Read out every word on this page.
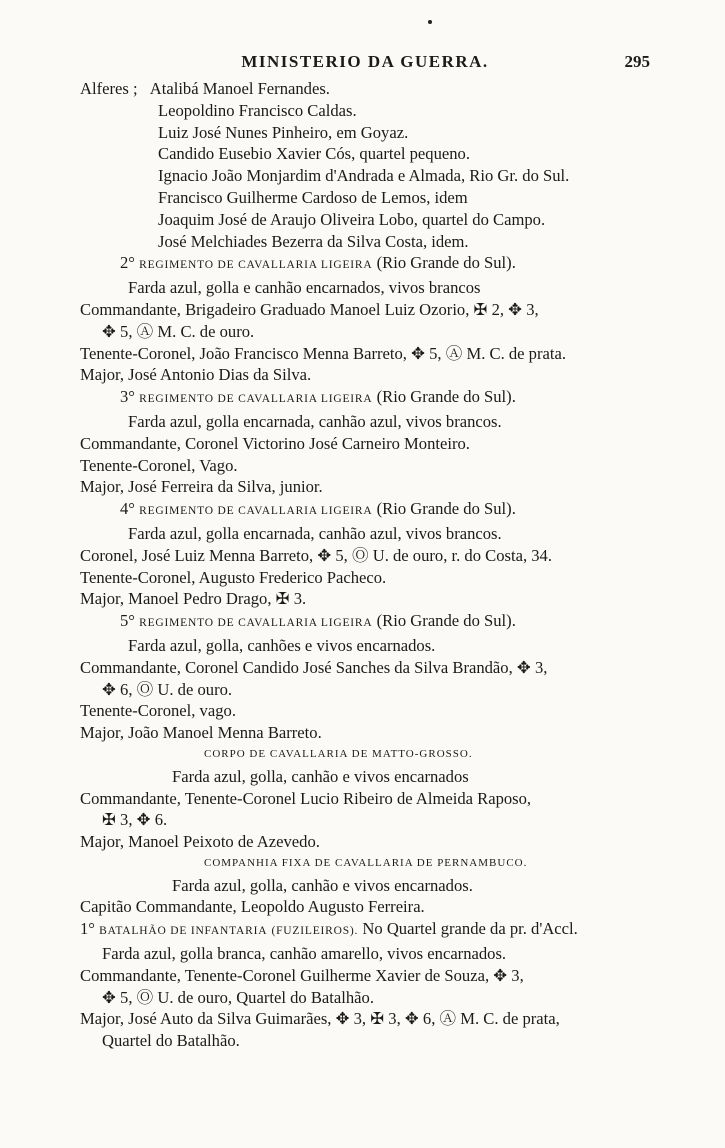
MINISTERIO DA GUERRA.	295
Alferes ; Atalibá Manoel Fernandes.
Leopoldino Francisco Caldas.
Luiz José Nunes Pinheiro, em Goyaz.
Candido Eusebio Xavier Cós, quartel pequeno.
Ignacio João Monjardim d'Andrada e Almada, Rio Gr. do Sul.
Francisco Guilherme Cardoso de Lemos, idem
Joaquim José de Araujo Oliveira Lobo, quartel do Campo.
José Melchiades Bezerra da Silva Costa, idem.
2° REGIMENTO DE CAVALLARIA LIGEIRA (Rio Grande do Sul).
Farda azul, golla e canhão encarnados, vivos brancos
Commandante, Brigadeiro Graduado Manoel Luiz Ozorio, ✠ 2, ✥ 3,
✥ 5, Ⓐ M. C. de ouro.
Tenente-Coronel, João Francisco Menna Barreto, ✥ 5, Ⓐ M. C. de prata.
Major, José Antonio Dias da Silva.
3° REGIMENTO DE CAVALLARIA LIGEIRA (Rio Grande do Sul).
Farda azul, golla encarnada, canhão azul, vivos brancos.
Commandante, Coronel Victorino José Carneiro Monteiro.
Tenente-Coronel, Vago.
Major, José Ferreira da Silva, junior.
4° REGIMENTO DE CAVALLARIA LIGEIRA (Rio Grande do Sul).
Farda azul, golla encarnada, canhão azul, vivos brancos.
Coronel, José Luiz Menna Barreto, ✥ 5, Ⓞ U. de ouro, r. do Costa, 34.
Tenente-Coronel, Augusto Frederico Pacheco.
Major, Manoel Pedro Drago, ✠ 3.
5° REGIMENTO DE CAVALLARIA LIGEIRA (Rio Grande do Sul).
Farda azul, golla, canhões e vivos encarnados.
Commandante, Coronel Candido José Sanches da Silva Brandão, ✥ 3,
✥ 6, Ⓞ U. de ouro.
Tenente-Coronel, vago.
Major, João Manoel Menna Barreto.
CORPO DE CAVALLARIA DE MATTO-GROSSO.
Farda azul, golla, canhão e vivos encarnados
Commandante, Tenente-Coronel Lucio Ribeiro de Almeida Raposo,
✠ 3, ✥ 6.
Major, Manoel Peixoto de Azevedo.
COMPANHIA FIXA DE CAVALLARIA DE PERNAMBUCO.
Farda azul, golla, canhão e vivos encarnados.
Capitão Commandante, Leopoldo Augusto Ferreira.
1° BATALHÃO DE INFANTARIA (FUZILEIROS). No Quartel grande da pr. d'Accl.
Farda azul, golla branca, canhão amarello, vivos encarnados.
Commandante, Tenente-Coronel Guilherme Xavier de Souza, ✥ 3,
✥ 5, Ⓞ U. de ouro, Quartel do Batalhão.
Major, José Auto da Silva Guimarães, ✥ 3, ✠ 3, ✥ 6, Ⓐ M. C. de prata,
Quartel do Batalhão.
